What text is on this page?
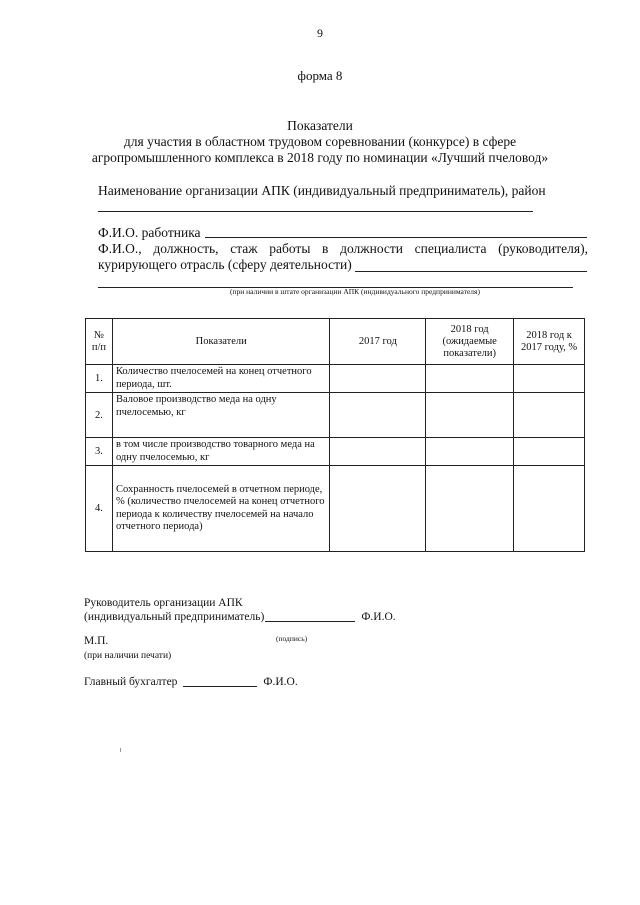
9
форма 8
Показатели
для участия в областном трудовом соревновании (конкурсе) в сфере
агропромышленного комплекса в 2018 году по номинации «Лучший пчеловод»
Наименование организации АПК (индивидуальный предприниматель), район
Ф.И.О. работника
Ф.И.О., должность, стаж работы в должности специалиста (руководителя),
курирующего отрасль (сферу деятельности)
(при наличии в штате организации АПК (индивидуального предпринимателя)
№ п/п	Показатели	2017 год	2018 год (ожидаемые показатели)	2018 год к 2017 году, %
1.	Количество пчелосемей на конец отчетного периода, шт.			
2.	Валовое производство меда на одну пчелосемью, кг			
3.	в том числе производство товарного меда на одну пчелосемью, кг			
4.	Сохранность пчелосемей в отчетном периоде, % (количество пчелосемей на конец отчетного периода к количеству пчелосемей на начало отчетного периода)			
Руководитель организации АПК
(индивидуальный предприниматель)	Ф.И.О.
(подпись)
М.П.
(при наличии печати)
Главный бухгалтер	Ф.И.О.
